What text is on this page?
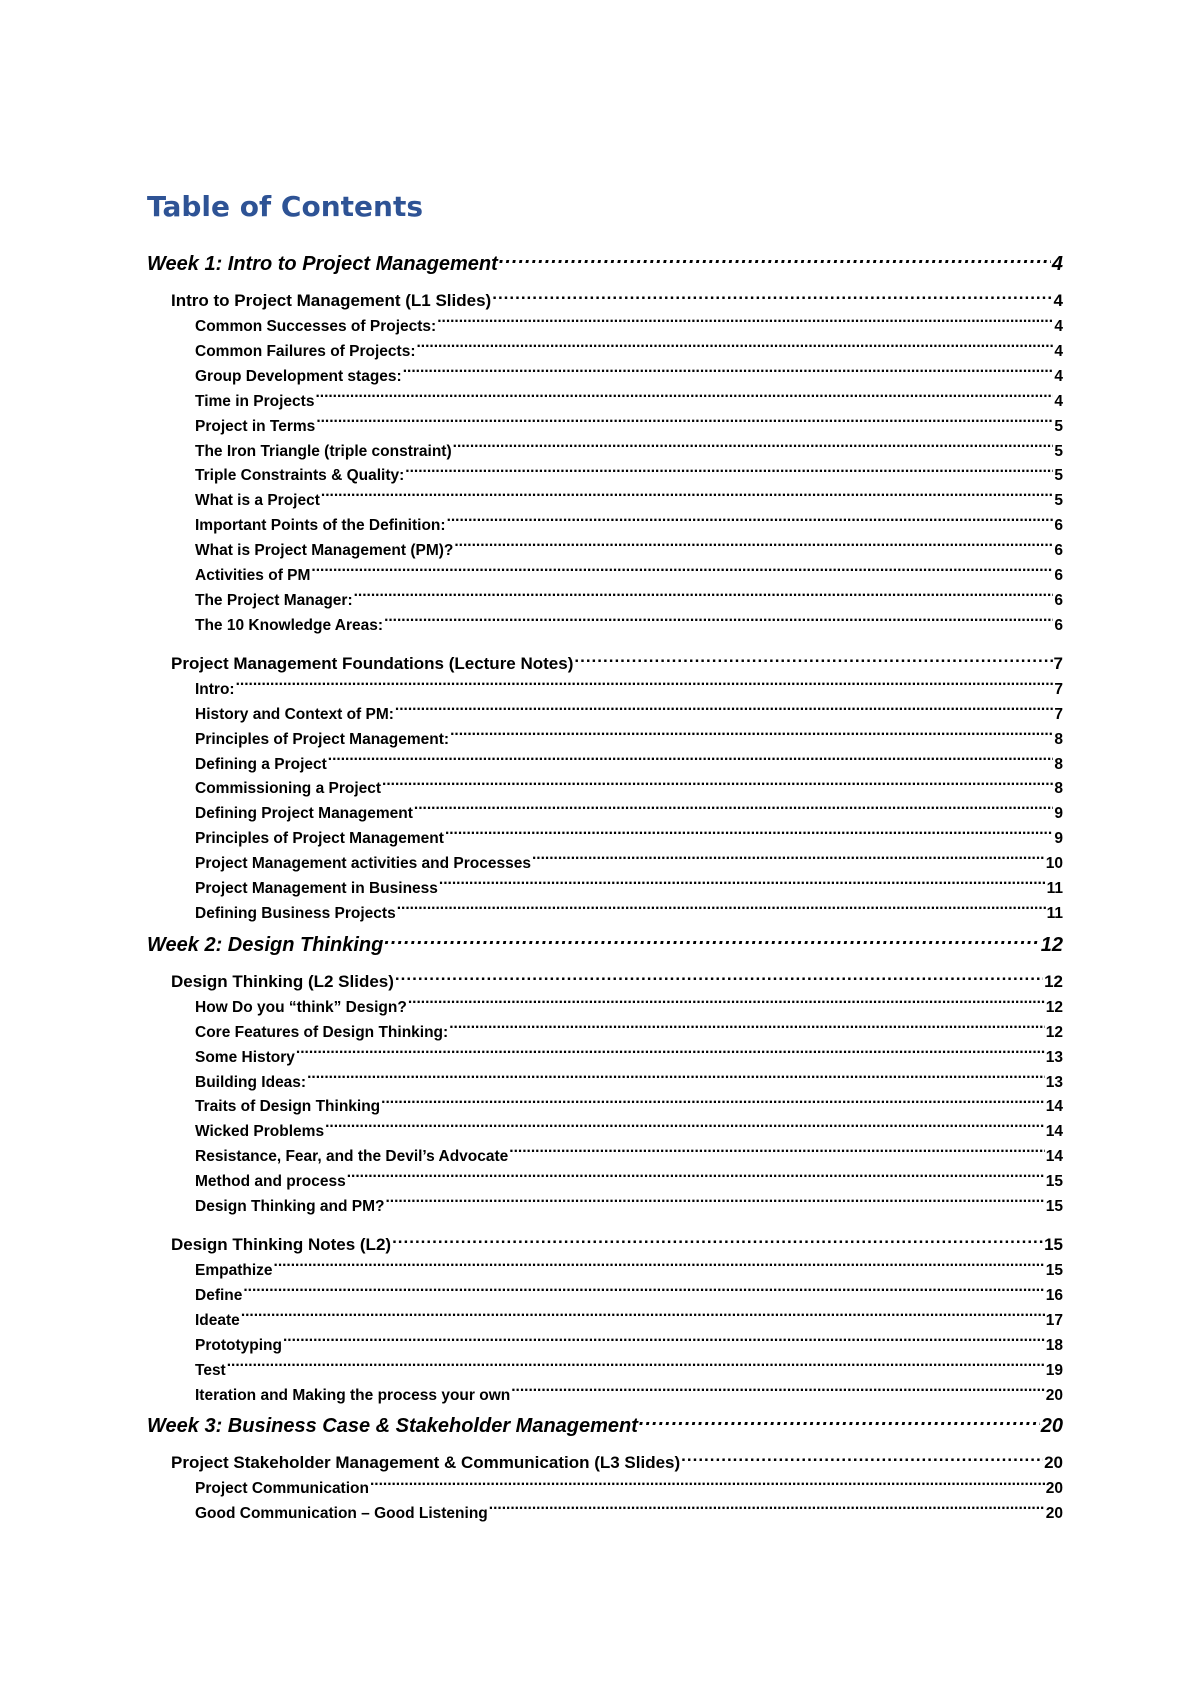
Table of Contents
Week 1: Intro to Project Management .....	4
Intro to Project Management (L1 Slides) .....	4
Common Successes of Projects: .....	4
Common Failures of Projects: .....	4
Group Development stages: .....	4
Time in Projects .....	4
Project in Terms .....	5
The Iron Triangle (triple constraint) .....	5
Triple Constraints & Quality: .....	5
What is a Project .....	5
Important Points of the Definition: .....	6
What is Project Management (PM)? .....	6
Activities of PM .....	6
The Project Manager: .....	6
The 10 Knowledge Areas: .....	6
Project Management Foundations (Lecture Notes) .....	7
Intro: .....	7
History and Context of PM: .....	7
Principles of Project Management: .....	8
Defining a Project .....	8
Commissioning a Project .....	8
Defining Project Management .....	9
Principles of Project Management .....	9
Project Management activities and Processes .....	10
Project Management in Business .....	11
Defining Business Projects .....	11
Week 2: Design Thinking .....	12
Design Thinking (L2 Slides) .....	12
How Do you “think” Design? .....	12
Core Features of Design Thinking: .....	12
Some History .....	13
Building Ideas: .....	13
Traits of Design Thinking .....	14
Wicked Problems .....	14
Resistance, Fear, and the Devil’s Advocate .....	14
Method and process .....	15
Design Thinking and PM? .....	15
Design Thinking Notes (L2) .....	15
Empathize .....	15
Define .....	16
Ideate .....	17
Prototyping .....	18
Test .....	19
Iteration and Making the process your own .....	20
Week 3: Business Case & Stakeholder Management .....	20
Project Stakeholder Management & Communication (L3 Slides) .....	20
Project Communication .....	20
Good Communication – Good Listening .....	20
